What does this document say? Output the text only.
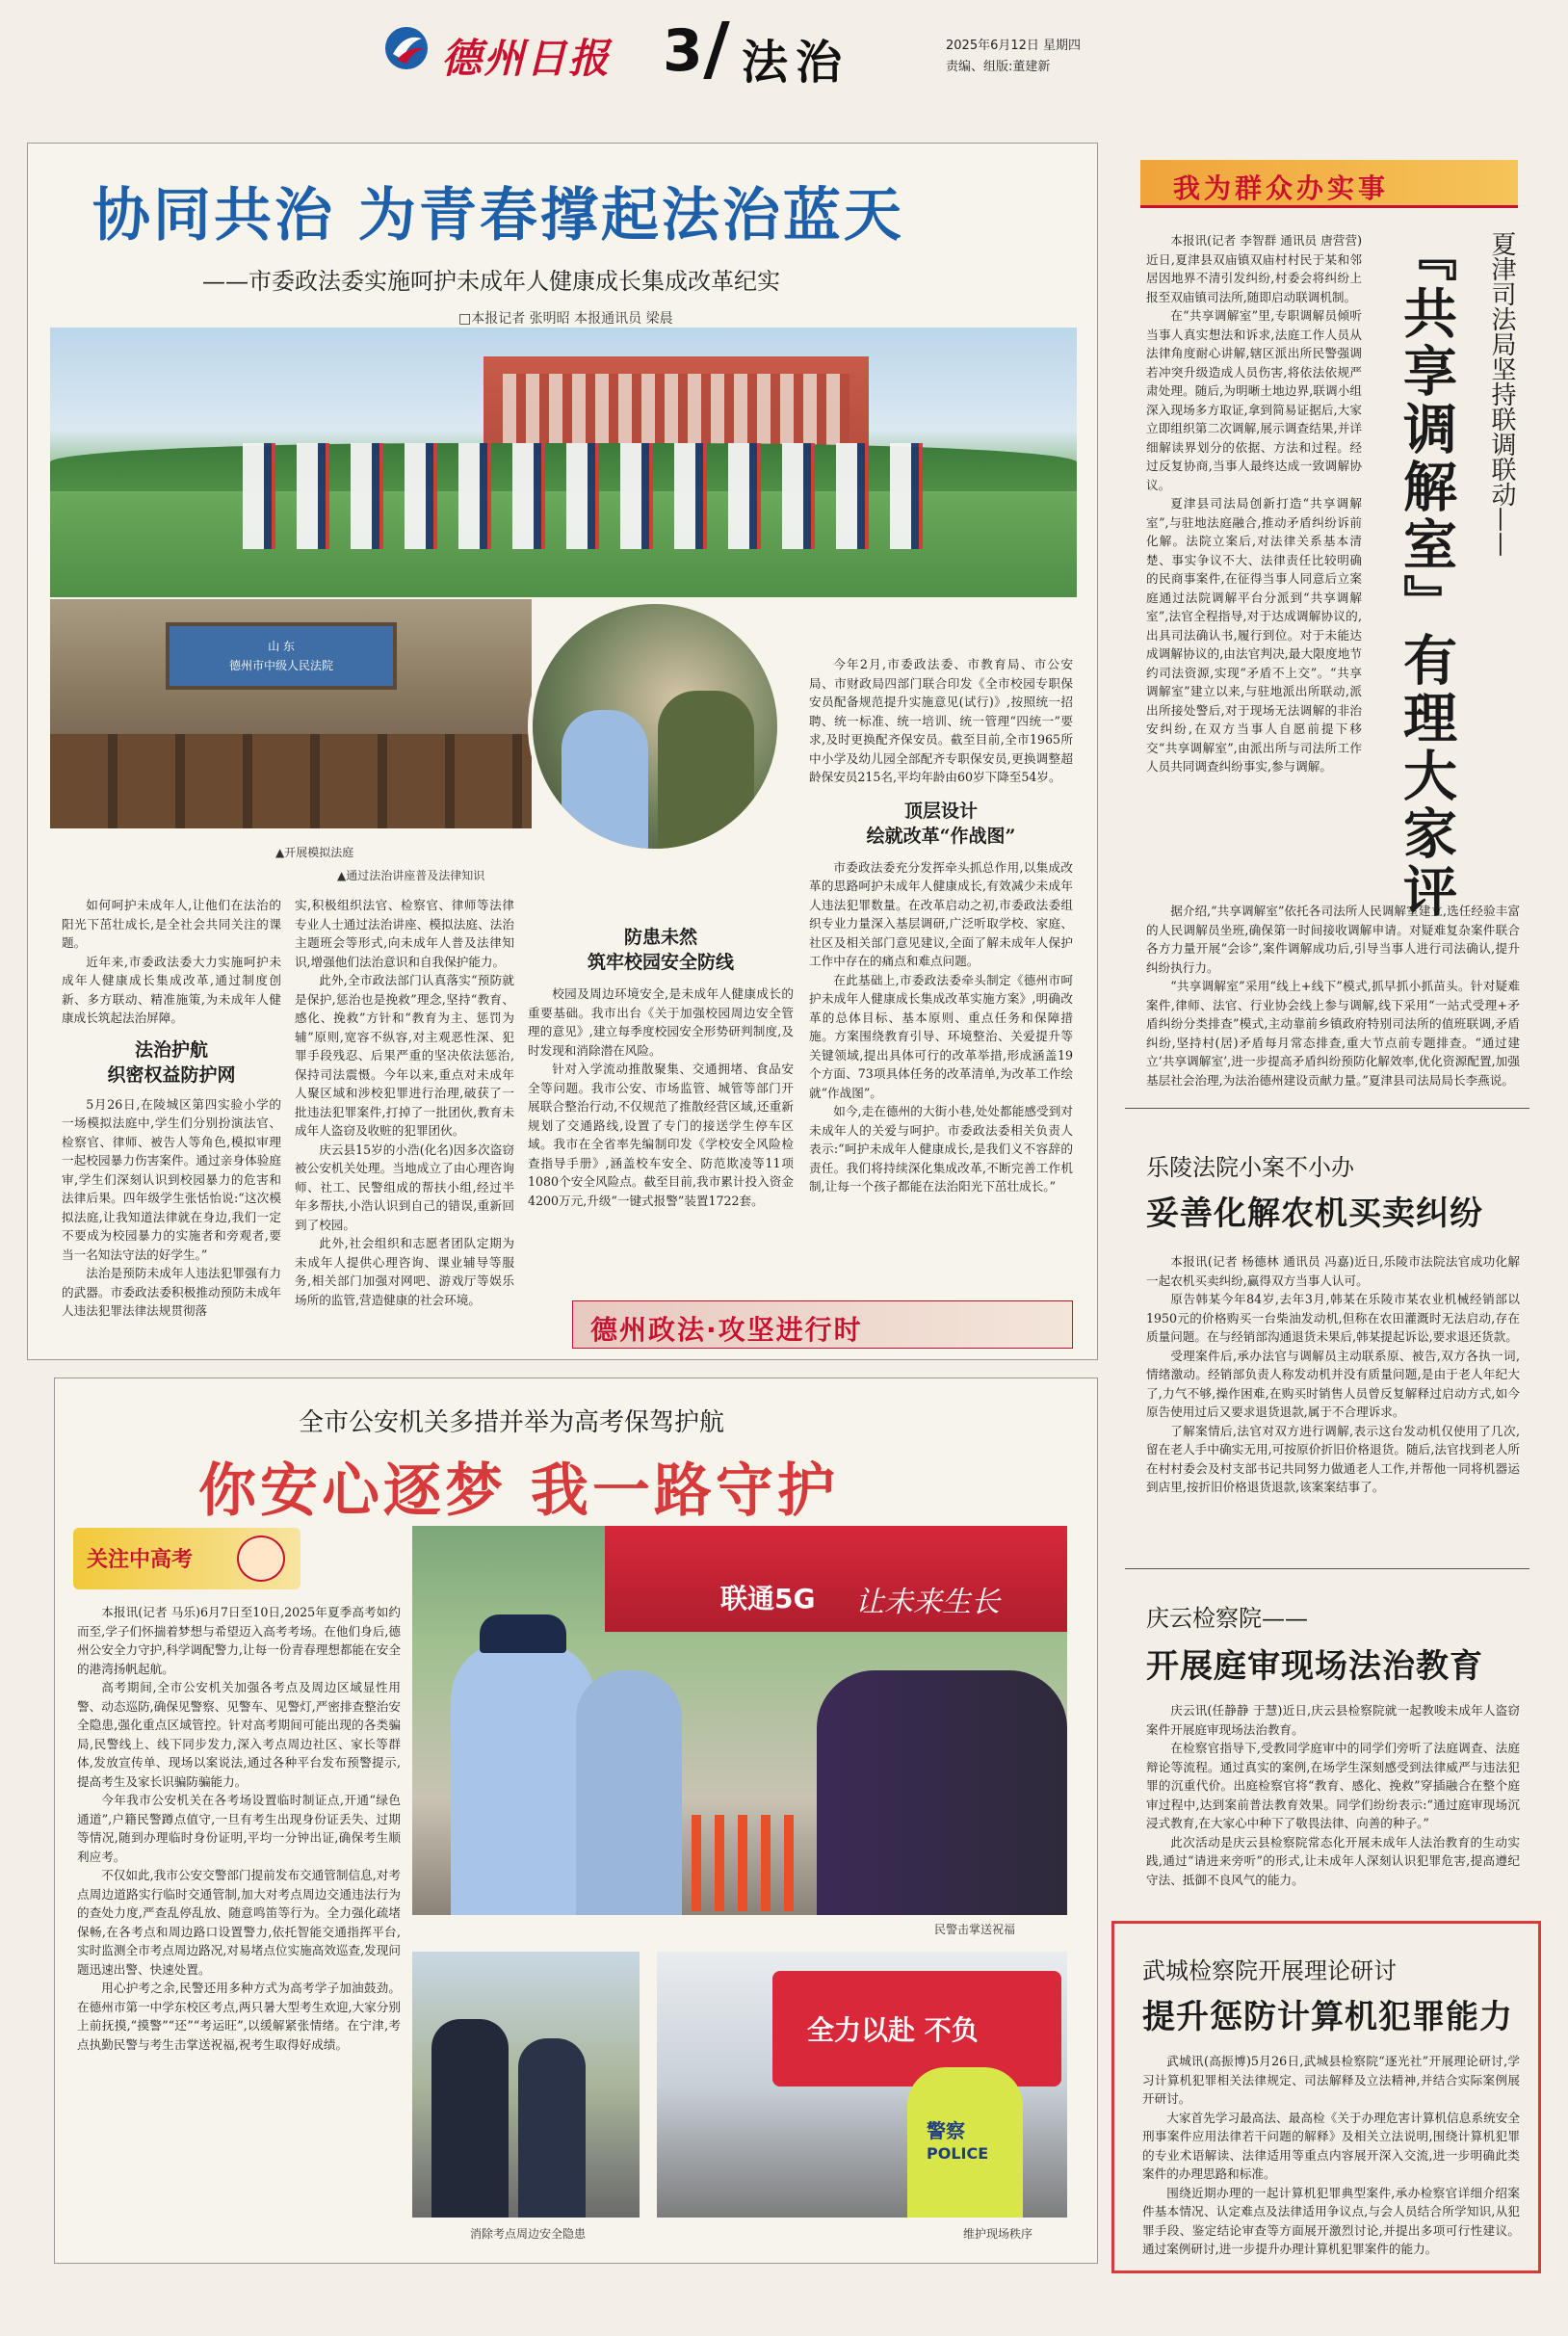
德州日报 3 法治	2025年6月12日 星期四
责编、组版:董建新
协同共治 为青春撑起法治蓝天
——市委政法委实施呵护未成年人健康成长集成改革纪实
□本报记者 张明昭 本报通讯员 梁晨
山 东
德州市中级人民法院
▲开展模拟法庭
▲通过法治讲座普及法律知识

如何呵护未成年人,让他们在法治的阳光下茁壮成长,是全社会共同关注的课题。

近年来,市委政法委大力实施呵护未成年人健康成长集成改革,通过制度创新、多方联动、精准施策,为未成年人健康成长筑起法治屏障。

法治护航
织密权益防护网

5月26日,在陵城区第四实验小学的一场模拟法庭中,学生们分别扮演法官、检察官、律师、被告人等角色,模拟审理一起校园暴力伤害案件。通过亲身体验庭审,学生们深刻认识到校园暴力的危害和法律后果。四年级学生张恬怡说:“这次模拟法庭,让我知道法律就在身边,我们一定不要成为校园暴力的实施者和旁观者,要当一名知法守法的好学生。”

法治是预防未成年人违法犯罪强有力的武器。市委政法委积极推动预防未成年人违法犯罪法律法规贯彻落

实,积极组织法官、检察官、律师等法律专业人士通过法治讲座、模拟法庭、法治主题班会等形式,向未成年人普及法律知识,增强他们法治意识和自我保护能力。

此外,全市政法部门认真落实“预防就是保护,惩治也是挽救”理念,坚持“教育、感化、挽救”方针和“教育为主、惩罚为辅”原则,宽容不纵容,对主观恶性深、犯罪手段残忍、后果严重的坚决依法惩治,保持司法震慑。今年以来,重点对未成年人聚区域和涉校犯罪进行治理,破获了一批违法犯罪案件,打掉了一批团伙,教育未成年人盗窃及收赃的犯罪团伙。

庆云县15岁的小浩(化名)因多次盗窃被公安机关处理。当地成立了由心理咨询师、社工、民警组成的帮扶小组,经过半年多帮扶,小浩认识到自己的错误,重新回到了校园。

此外,社会组织和志愿者团队定期为未成年人提供心理咨询、课业辅导等服务,相关部门加强对网吧、游戏厅等娱乐场所的监管,营造健康的社会环境。

防患未然
筑牢校园安全防线

校园及周边环境安全,是未成年人健康成长的重要基础。我市出台《关于加强校园周边安全管理的意见》,建立每季度校园安全形势研判制度,及时发现和消除潜在风险。

针对入学流动推散聚集、交通拥堵、食品安全等问题。我市公安、市场监管、城管等部门开展联合整治行动,不仅规范了推散经营区域,还重新规划了交通路线,设置了专门的接送学生停车区域。我市在全省率先编制印发《学校安全风险检查指导手册》,涵盖校车安全、防范欺凌等11项1080个安全风险点。截至目前,我市累计投入资金4200万元,升级“一键式报警”装置1722套。

今年2月,市委政法委、市教育局、市公安局、市财政局四部门联合印发《全市校园专职保安员配备规范提升实施意见(试行)》,按照统一招聘、统一标准、统一培训、统一管理“四统一”要求,及时更换配齐保安员。截至目前,全市1965所中小学及幼儿园全部配齐专职保安员,更换调整超龄保安员215名,平均年龄由60岁下降至54岁。

顶层设计
绘就改革“作战图”

市委政法委充分发挥牵头抓总作用,以集成改革的思路呵护未成年人健康成长,有效减少未成年人违法犯罪数量。在改革启动之初,市委政法委组织专业力量深入基层调研,广泛听取学校、家庭、社区及相关部门意见建议,全面了解未成年人保护工作中存在的痛点和难点问题。

在此基础上,市委政法委牵头制定《德州市呵护未成年人健康成长集成改革实施方案》,明确改革的总体目标、基本原则、重点任务和保障措施。方案围绕教育引导、环境整治、关爱提升等关键领域,提出具体可行的改革举措,形成涵盖19个方面、73项具体任务的改革清单,为改革工作绘就“作战图”。

如今,走在德州的大街小巷,处处都能感受到对未成年人的关爱与呵护。市委政法委相关负责人表示:“呵护未成年人健康成长,是我们义不容辞的责任。我们将持续深化集成改革,不断完善工作机制,让每一个孩子都能在法治阳光下茁壮成长。”

德州政法·攻坚进行时
全市公安机关多措并举为高考保驾护航
你安心逐梦 我一路守护
关注中高考

本报讯(记者 马乐)6月7日至10日,2025年夏季高考如约而至,学子们怀揣着梦想与希望迈入高考考场。在他们身后,德州公安全力守护,科学调配警力,让每一份青春理想都能在安全的港湾扬帆起航。

高考期间,全市公安机关加强各考点及周边区域显性用警、动态巡防,确保见警察、见警车、见警灯,严密排查整治安全隐患,强化重点区域管控。针对高考期间可能出现的各类骗局,民警线上、线下同步发力,深入考点周边社区、家长等群体,发放宣传单、现场以案说法,通过各种平台发布预警提示,提高考生及家长识骗防骗能力。

今年我市公安机关在各考场设置临时制证点,开通“绿色通道”,户籍民警蹲点值守,一旦有考生出现身份证丢失、过期等情况,随到办理临时身份证明,平均一分钟出证,确保考生顺利应考。

不仅如此,我市公安交警部门提前发布交通管制信息,对考点周边道路实行临时交通管制,加大对考点周边交通违法行为的查处力度,严查乱停乱放、随意鸣笛等行为。全力强化疏堵保畅,在各考点和周边路口设置警力,依托智能交通指挥平台,实时监测全市考点周边路况,对易堵点位实施高效巡查,发现问题迅速出警、快速处置。

用心护考之余,民警还用多种方式为高考学子加油鼓劲。在德州市第一中学东校区考点,两只暑大型考生欢迎,大家分别上前抚摸,“摸警”“还”“考运旺”,以缓解紧张情绪。在宁津,考点执勤民警与考生击掌送祝福,祝考生取得好成绩。

联通5G 让未来生长
民警击掌送祝福
消除考点周边安全隐患
全力以赴 不负
警察
POLICE
维护现场秩序
我为群众办实事
夏津司法局坚持联调联动——
『共享调解室』有理大家评

本报讯(记者 李智群 通讯员 唐营营)近日,夏津县双庙镇双庙村村民于某和邻居因地界不清引发纠纷,村委会将纠纷上报至双庙镇司法所,随即启动联调机制。

在“共享调解室”里,专职调解员倾听当事人真实想法和诉求,法庭工作人员从法律角度耐心讲解,辖区派出所民警强调若冲突升级造成人员伤害,将依法依规严肃处理。随后,为明晰土地边界,联调小组深入现场多方取证,拿到简易证据后,大家立即组织第二次调解,展示调查结果,并详细解读界划分的依据、方法和过程。经过反复协商,当事人最终达成一致调解协议。

夏津县司法局创新打造“共享调解室”,与驻地法庭融合,推动矛盾纠纷诉前化解。法院立案后,对法律关系基本清楚、事实争议不大、法律责任比较明确的民商事案件,在征得当事人同意后立案庭通过法院调解平台分派到“共享调解室”,法官全程指导,对于达成调解协议的,出具司法确认书,履行到位。对于未能达成调解协议的,由法官判决,最大限度地节约司法资源,实现“矛盾不上交”。“共享调解室”建立以来,与驻地派出所联动,派出所接处警后,对于现场无法调解的非治安纠纷,在双方当事人自愿前提下移交“共享调解室”,由派出所与司法所工作人员共同调查纠纷事实,参与调解。

据介绍,“共享调解室”依托各司法所人民调解室建立,选任经验丰富的人民调解员坐班,确保第一时间接收调解申请。对疑难复杂案件联合各方力量开展“会诊”,案件调解成功后,引导当事人进行司法确认,提升纠纷执行力。

“共享调解室”采用“线上+线下”模式,抓早抓小抓苗头。针对疑难案件,律师、法官、行业协会线上参与调解,线下采用“一站式受理+矛盾纠纷分类排查”模式,主动靠前乡镇政府特别司法所的值班联调,矛盾纠纷,坚持村(居)矛盾每月常态排查,重大节点前专题排查。“通过建立‘共享调解室’,进一步提高矛盾纠纷预防化解效率,优化资源配置,加强基层社会治理,为法治德州建设贡献力量。”夏津县司法局局长李燕说。

乐陵法院小案不小办
妥善化解农机买卖纠纷

本报讯(记者 杨德林 通讯员 冯嘉)近日,乐陵市法院法官成功化解一起农机买卖纠纷,赢得双方当事人认可。

原告韩某今年84岁,去年3月,韩某在乐陵市某农业机械经销部以1950元的价格购买一台柴油发动机,但称在农田灌溉时无法启动,存在质量问题。在与经销部沟通退货未果后,韩某提起诉讼,要求退还货款。

受理案件后,承办法官与调解员主动联系原、被告,双方各执一词,情绪激动。经销部负责人称发动机并没有质量问题,是由于老人年纪大了,力气不够,操作困难,在购买时销售人员曾反复解释过启动方式,如今原告使用过后又要求退货退款,属于不合理诉求。

了解案情后,法官对双方进行调解,表示这台发动机仅使用了几次,留在老人手中确实无用,可按原价折旧价格退货。随后,法官找到老人所在村村委会及村支部书记共同努力做通老人工作,并帮他一同将机器运到店里,按折旧价格退货退款,该案案结事了。

庆云检察院——
开展庭审现场法治教育

庆云讯(任静静 于慧)近日,庆云县检察院就一起教唆未成年人盗窃案件开展庭审现场法治教育。

在检察官指导下,受教同学庭审中的同学们旁听了法庭调查、法庭辩论等流程。通过真实的案例,在场学生深刻感受到法律威严与违法犯罪的沉重代价。出庭检察官将“教育、感化、挽救”穿插融合在整个庭审过程中,达到案前普法教育效果。同学们纷纷表示:“通过庭审现场沉浸式教育,在大家心中种下了敬畏法律、向善的种子。”

此次活动是庆云县检察院常态化开展未成年人法治教育的生动实践,通过“请进来旁听”的形式,让未成年人深刻认识犯罪危害,提高遵纪守法、抵御不良风气的能力。

武城检察院开展理论研讨
提升惩防计算机犯罪能力

武城讯(高振博)5月26日,武城县检察院“逐光社”开展理论研讨,学习计算机犯罪相关法律规定、司法解释及立法精神,并结合实际案例展开研讨。

大家首先学习最高法、最高检《关于办理危害计算机信息系统安全刑事案件应用法律若干问题的解释》及相关立法说明,围绕计算机犯罪的专业术语解读、法律适用等重点内容展开深入交流,进一步明确此类案件的办理思路和标准。

围绕近期办理的一起计算机犯罪典型案件,承办检察官详细介绍案件基本情况、认定难点及法律适用争议点,与会人员结合所学知识,从犯罪手段、鉴定结论审查等方面展开激烈讨论,并提出多项可行性建议。通过案例研讨,进一步提升办理计算机犯罪案件的能力。
